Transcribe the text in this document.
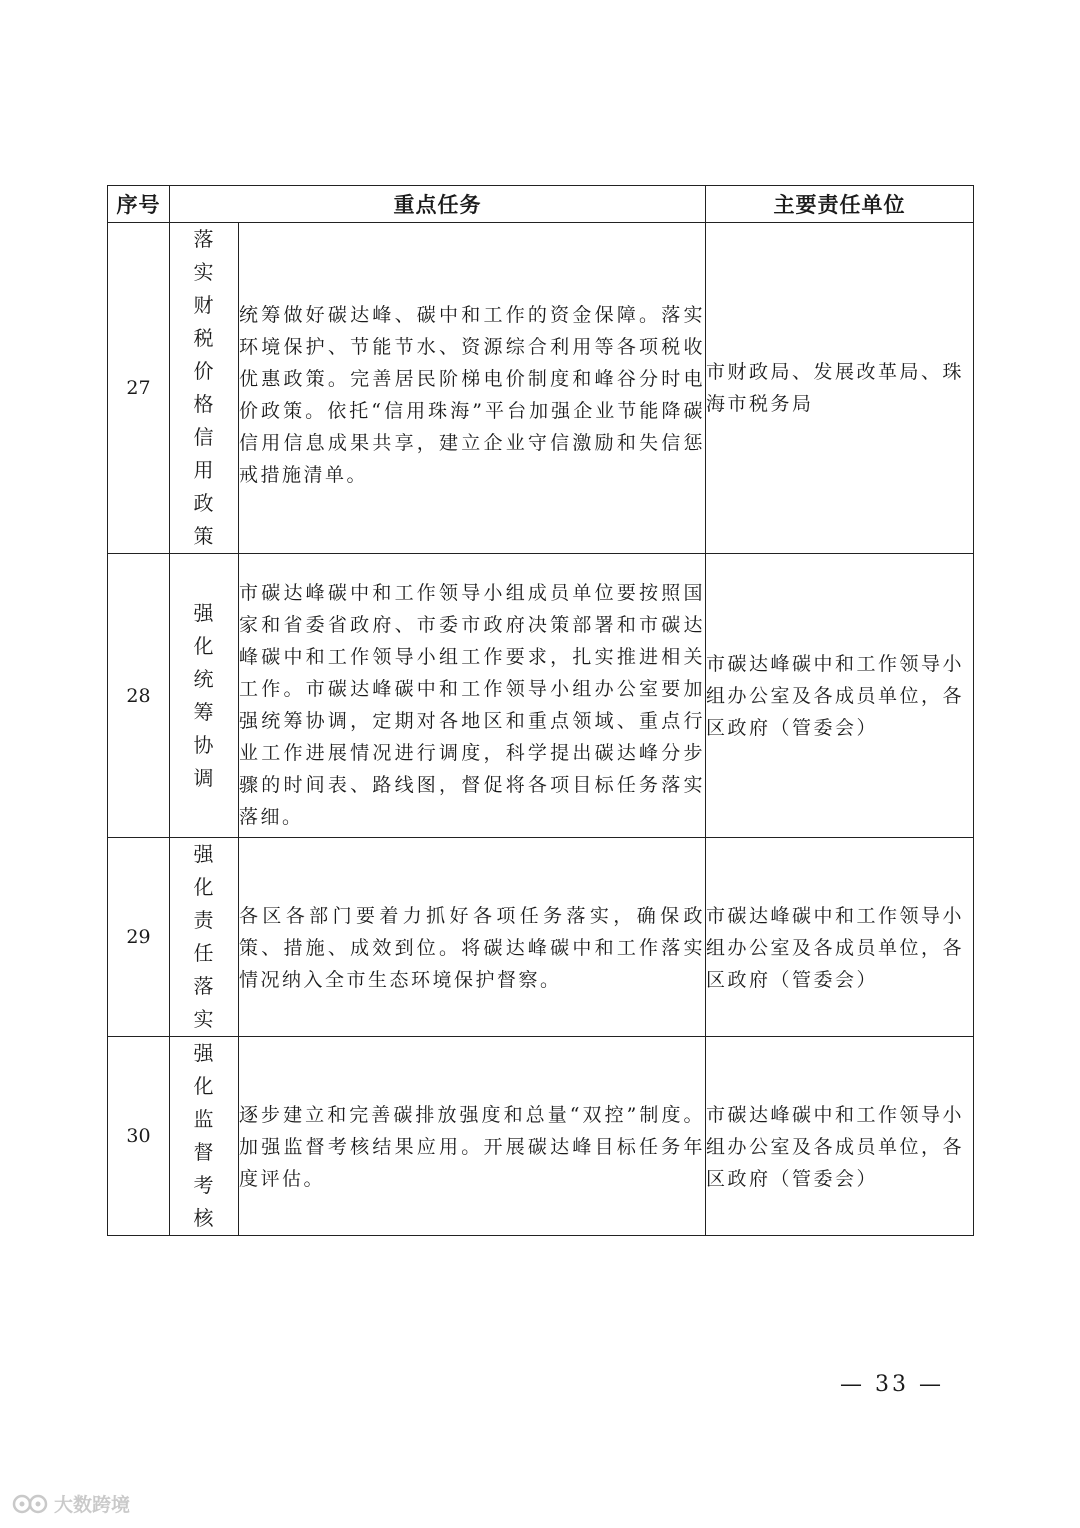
序号	重点任务		主要责任单位
27	落实财税价格信用政策	统筹做好碳达峰、碳中和工作的资金保障。落实环境保护、节能节水、资源综合利用等各项税收优惠政策。完善居民阶梯电价制度和峰谷分时电价政策。依托“信用珠海”平台加强企业节能降碳信用信息成果共享，建立企业守信激励和失信惩戒措施清单。	市财政局、发展改革局、珠海市税务局
28	强化统筹协调	市碳达峰碳中和工作领导小组成员单位要按照国家和省委省政府、市委市政府决策部署和市碳达峰碳中和工作领导小组工作要求，扎实推进相关工作。市碳达峰碳中和工作领导小组办公室要加强统筹协调，定期对各地区和重点领域、重点行业工作进展情况进行调度，科学提出碳达峰分步骤的时间表、路线图，督促将各项目标任务落实落细。	市碳达峰碳中和工作领导小组办公室及各成员单位，各区政府（管委会）
29	强化责任落实	各区各部门要着力抓好各项任务落实，确保政策、措施、成效到位。将碳达峰碳中和工作落实情况纳入全市生态环境保护督察。	市碳达峰碳中和工作领导小组办公室及各成员单位，各区政府（管委会）
30	强化监督考核	逐步建立和完善碳排放强度和总量“双控”制度。加强监督考核结果应用。开展碳达峰目标任务年度评估。	市碳达峰碳中和工作领导小组办公室及各成员单位，各区政府（管委会）
— 33 —
大数跨境
